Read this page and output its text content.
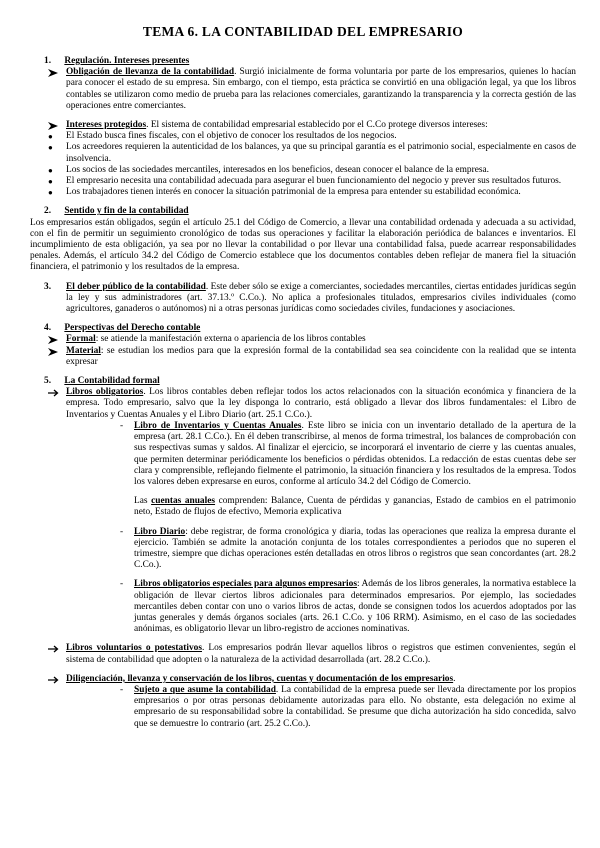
TEMA 6. LA CONTABILIDAD DEL EMPRESARIO
1. Regulación. Intereses presentes
Obligación de llevanza de la contabilidad. Surgió inicialmente de forma voluntaria por parte de los empresarios, quienes lo hacían para conocer el estado de su empresa. Sin embargo, con el tiempo, esta práctica se convirtió en una obligación legal, ya que los libros contables se utilizaron como medio de prueba para las relaciones comerciales, garantizando la transparencia y la correcta gestión de las operaciones entre comerciantes.
Intereses protegidos. El sistema de contabilidad empresarial establecido por el C.Co protege diversos intereses:
●	El Estado busca fines fiscales, con el objetivo de conocer los resultados de los negocios.
●	Los acreedores requieren la autenticidad de los balances, ya que su principal garantía es el patrimonio social, especialmente en casos de insolvencia.
●	Los socios de las sociedades mercantiles, interesados en los beneficios, desean conocer el balance de la empresa.
●	El empresario necesita una contabilidad adecuada para asegurar el buen funcionamiento del negocio y prever sus resultados futuros.
●	Los trabajadores tienen interés en conocer la situación patrimonial de la empresa para entender su estabilidad económica.
2. Sentido y fin de la contabilidad

Los empresarios están obligados, según el artículo 25.1 del Código de Comercio, a llevar una contabilidad ordenada y adecuada a su actividad, con el fin de permitir un seguimiento cronológico de todas sus operaciones y facilitar la elaboración periódica de balances e inventarios. El incumplimiento de esta obligación, ya sea por no llevar la contabilidad o por llevar una contabilidad falsa, puede acarrear responsabilidades penales. Además, el artículo 34.2 del Código de Comercio establece que los documentos contables deben reflejar de manera fiel la situación financiera, el patrimonio y los resultados de la empresa.

3.	El deber público de la contabilidad. Este deber sólo se exige a comerciantes, sociedades mercantiles, ciertas entidades jurídicas según la ley y sus administradores (art. 37.13.º C.Co.). No aplica a profesionales titulados, empresarios civiles individuales (como agricultores, ganaderos o autónomos) ni a otras personas jurídicas como sociedades civiles, fundaciones y asociaciones.
4. Perspectivas del Derecho contable
Formal: se atiende la manifestación externa o apariencia de los libros contables
Material: se estudian los medios para que la expresión formal de la contabilidad sea sea coincidente con la realidad que se intenta expresar
5. La Contabilidad formal
Libros obligatorios. Los libros contables deben reflejar todos los actos relacionados con la situación económica y financiera de la empresa. Todo empresario, salvo que la ley disponga lo contrario, está obligado a llevar dos libros fundamentales: el Libro de Inventarios y Cuentas Anuales y el Libro Diario (art. 25.1 C.Co.).
-	Libro de Inventarios y Cuentas Anuales. Este libro se inicia con un inventario detallado de la apertura de la empresa (art. 28.1 C.Co.). En él deben transcribirse, al menos de forma trimestral, los balances de comprobación con sus respectivas sumas y saldos. Al finalizar el ejercicio, se incorporará el inventario de cierre y las cuentas anuales, que permiten determinar periódicamente los beneficios o pérdidas obtenidos. La redacción de estas cuentas debe ser clara y comprensible, reflejando fielmente el patrimonio, la situación financiera y los resultados de la empresa. Todos los valores deben expresarse en euros, conforme al artículo 34.2 del Código de Comercio.

Las cuentas anuales comprenden: Balance, Cuenta de pérdidas y ganancias, Estado de cambios en el patrimonio neto, Estado de flujos de efectivo, Memoria explicativa

-	Libro Diario: debe registrar, de forma cronológica y diaria, todas las operaciones que realiza la empresa durante el ejercicio. También se admite la anotación conjunta de los totales correspondientes a periodos que no superen el trimestre, siempre que dichas operaciones estén detalladas en otros libros o registros que sean concordantes (art. 28.2 C.Co.).
-	Libros obligatorios especiales para algunos empresarios: Además de los libros generales, la normativa establece la obligación de llevar ciertos libros adicionales para determinados empresarios. Por ejemplo, las sociedades mercantiles deben contar con uno o varios libros de actas, donde se consignen todos los acuerdos adoptados por las juntas generales y demás órganos sociales (arts. 26.1 C.Co. y 106 RRM). Asimismo, en el caso de las sociedades anónimas, es obligatorio llevar un libro-registro de acciones nominativas.
Libros voluntarios o potestativos. Los empresarios podrán llevar aquellos libros o registros que estimen convenientes, según el sistema de contabilidad que adopten o la naturaleza de la actividad desarrollada (art. 28.2 C.Co.).
Diligenciación, llevanza y conservación de los libros, cuentas y documentación de los empresarios.
-	Sujeto a que asume la contabilidad. La contabilidad de la empresa puede ser llevada directamente por los propios empresarios o por otras personas debidamente autorizadas para ello. No obstante, esta delegación no exime al empresario de su responsabilidad sobre la contabilidad. Se presume que dicha autorización ha sido concedida, salvo que se demuestre lo contrario (art. 25.2 C.Co.).
